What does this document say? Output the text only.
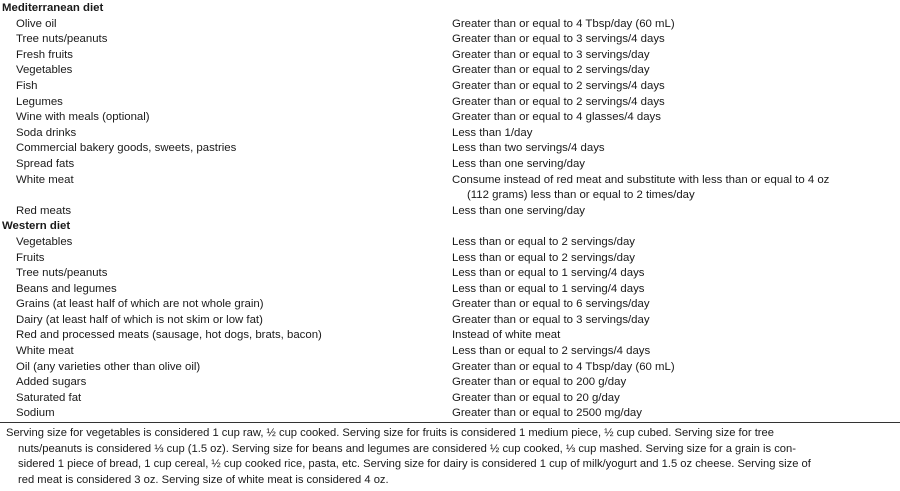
Mediterranean diet
Olive oil	Greater than or equal to 4 Tbsp/day (60 mL)
Tree nuts/peanuts	Greater than or equal to 3 servings/4 days
Fresh fruits	Greater than or equal to 3 servings/day
Vegetables	Greater than or equal to 2 servings/day
Fish	Greater than or equal to 2 servings/4 days
Legumes	Greater than or equal to 2 servings/4 days
Wine with meals (optional)	Greater than or equal to 4 glasses/4 days
Soda drinks	Less than 1/day
Commercial bakery goods, sweets, pastries	Less than two servings/4 days
Spread fats	Less than one serving/day
White meat	Consume instead of red meat and substitute with less than or equal to 4 oz
(112 grams) less than or equal to 2 times/day
Red meats	Less than one serving/day
Western diet
Vegetables	Less than or equal to 2 servings/day
Fruits	Less than or equal to 2 servings/day
Tree nuts/peanuts	Less than or equal to 1 serving/4 days
Beans and legumes	Less than or equal to 1 serving/4 days
Grains (at least half of which are not whole grain)	Greater than or equal to 6 servings/day
Dairy (at least half of which is not skim or low fat)	Greater than or equal to 3 servings/day
Red and processed meats (sausage, hot dogs, brats, bacon)	Instead of white meat
White meat	Less than or equal to 2 servings/4 days
Oil (any varieties other than olive oil)	Greater than or equal to 4 Tbsp/day (60 mL)
Added sugars	Greater than or equal to 200 g/day
Saturated fat	Greater than or equal to 20 g/day
Sodium	Greater than or equal to 2500 mg/day
Serving size for vegetables is considered 1 cup raw, ½ cup cooked. Serving size for fruits is considered 1 medium piece, ½ cup cubed. Serving size for tree
nuts/peanuts is considered ⅓ cup (1.5 oz). Serving size for beans and legumes are considered ½ cup cooked, ⅓ cup mashed. Serving size for a grain is con-
sidered 1 piece of bread, 1 cup cereal, ½ cup cooked rice, pasta, etc. Serving size for dairy is considered 1 cup of milk/yogurt and 1.5 oz cheese. Serving size of
red meat is considered 3 oz. Serving size of white meat is considered 4 oz.
